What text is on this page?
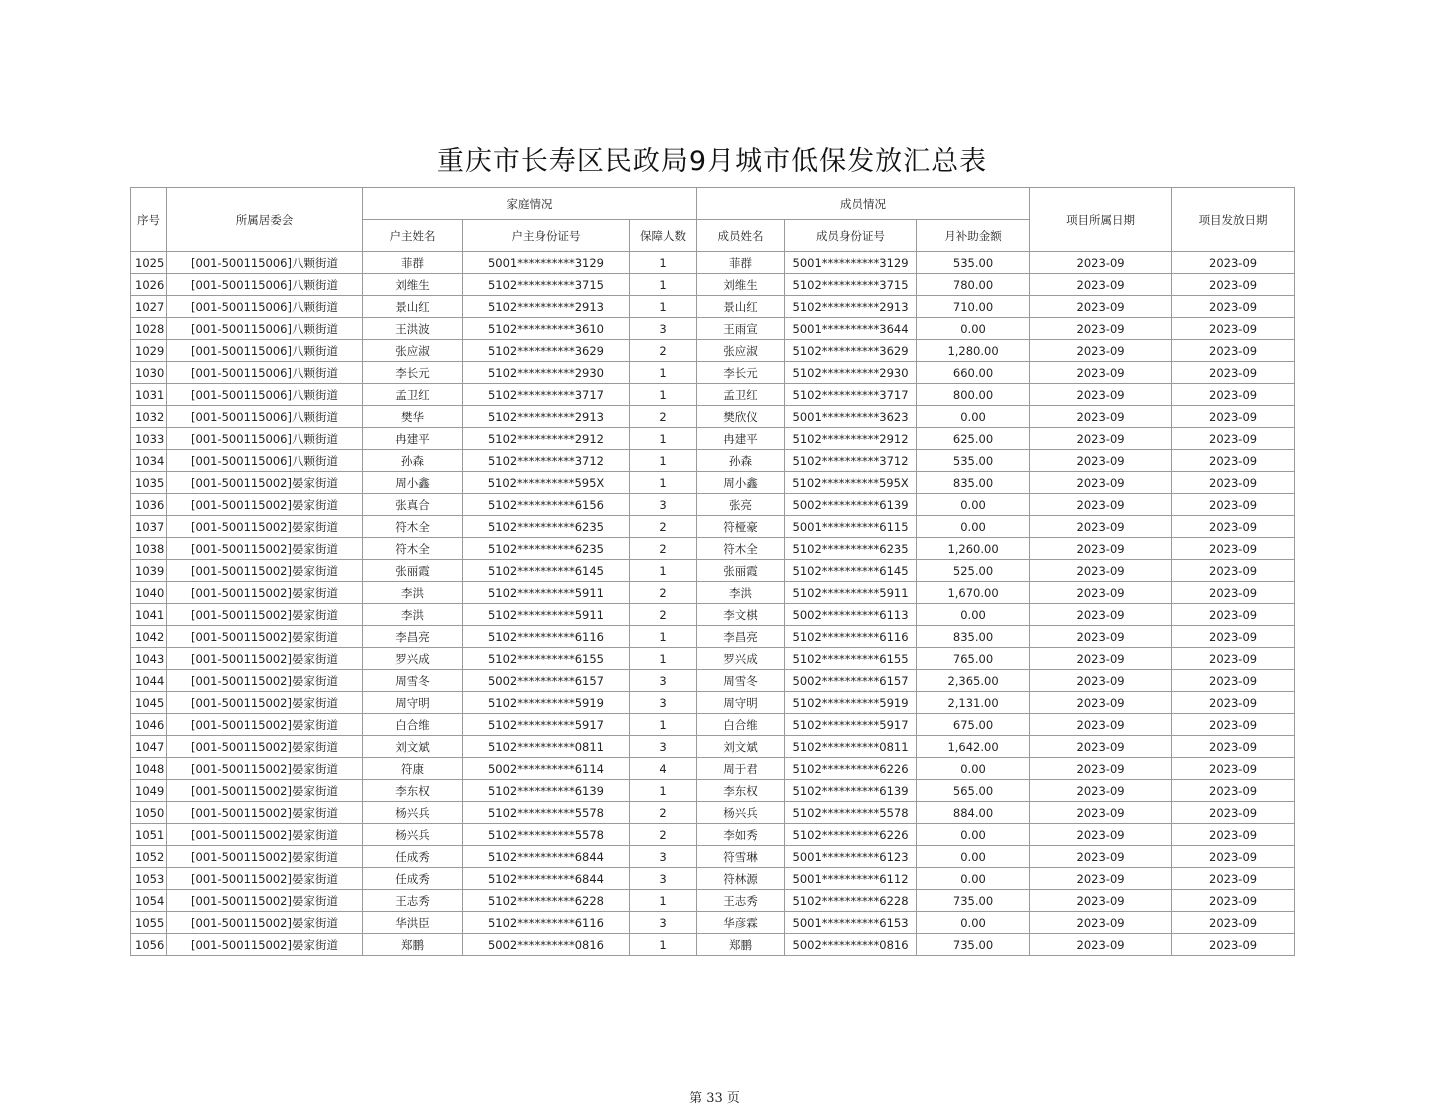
重庆市长寿区民政局9月城市低保发放汇总表
序号	所属居委会	家庭情况			成员情况			项目所属日期	项目发放日期
		户主姓名	户主身份证号	保障人数	成员姓名	成员身份证号	月补助金额		
1025	[001-500115006]八颗街道	菲群	5001**********3129	1	菲群	5001**********3129	535.00	2023-09	2023-09
1026	[001-500115006]八颗街道	刘维生	5102**********3715	1	刘维生	5102**********3715	780.00	2023-09	2023-09
1027	[001-500115006]八颗街道	景山红	5102**********2913	1	景山红	5102**********2913	710.00	2023-09	2023-09
1028	[001-500115006]八颗街道	王洪波	5102**********3610	3	王雨宣	5001**********3644	0.00	2023-09	2023-09
1029	[001-500115006]八颗街道	张应淑	5102**********3629	2	张应淑	5102**********3629	1,280.00	2023-09	2023-09
1030	[001-500115006]八颗街道	李长元	5102**********2930	1	李长元	5102**********2930	660.00	2023-09	2023-09
1031	[001-500115006]八颗街道	孟卫红	5102**********3717	1	孟卫红	5102**********3717	800.00	2023-09	2023-09
1032	[001-500115006]八颗街道	樊华	5102**********2913	2	樊欣仪	5001**********3623	0.00	2023-09	2023-09
1033	[001-500115006]八颗街道	冉建平	5102**********2912	1	冉建平	5102**********2912	625.00	2023-09	2023-09
1034	[001-500115006]八颗街道	孙森	5102**********3712	1	孙森	5102**********3712	535.00	2023-09	2023-09
1035	[001-500115002]晏家街道	周小鑫	5102**********595X	1	周小鑫	5102**********595X	835.00	2023-09	2023-09
1036	[001-500115002]晏家街道	张真合	5102**********6156	3	张亮	5002**********6139	0.00	2023-09	2023-09
1037	[001-500115002]晏家街道	符木全	5102**********6235	2	符桠豪	5001**********6115	0.00	2023-09	2023-09
1038	[001-500115002]晏家街道	符木全	5102**********6235	2	符木全	5102**********6235	1,260.00	2023-09	2023-09
1039	[001-500115002]晏家街道	张丽霞	5102**********6145	1	张丽霞	5102**********6145	525.00	2023-09	2023-09
1040	[001-500115002]晏家街道	李洪	5102**********5911	2	李洪	5102**********5911	1,670.00	2023-09	2023-09
1041	[001-500115002]晏家街道	李洪	5102**********5911	2	李文棋	5002**********6113	0.00	2023-09	2023-09
1042	[001-500115002]晏家街道	李昌亮	5102**********6116	1	李昌亮	5102**********6116	835.00	2023-09	2023-09
1043	[001-500115002]晏家街道	罗兴成	5102**********6155	1	罗兴成	5102**********6155	765.00	2023-09	2023-09
1044	[001-500115002]晏家街道	周雪冬	5002**********6157	3	周雪冬	5002**********6157	2,365.00	2023-09	2023-09
1045	[001-500115002]晏家街道	周守明	5102**********5919	3	周守明	5102**********5919	2,131.00	2023-09	2023-09
1046	[001-500115002]晏家街道	白合维	5102**********5917	1	白合维	5102**********5917	675.00	2023-09	2023-09
1047	[001-500115002]晏家街道	刘文斌	5102**********0811	3	刘文斌	5102**********0811	1,642.00	2023-09	2023-09
1048	[001-500115002]晏家街道	符康	5002**********6114	4	周于君	5102**********6226	0.00	2023-09	2023-09
1049	[001-500115002]晏家街道	李东权	5102**********6139	1	李东权	5102**********6139	565.00	2023-09	2023-09
1050	[001-500115002]晏家街道	杨兴兵	5102**********5578	2	杨兴兵	5102**********5578	884.00	2023-09	2023-09
1051	[001-500115002]晏家街道	杨兴兵	5102**********5578	2	李如秀	5102**********6226	0.00	2023-09	2023-09
1052	[001-500115002]晏家街道	任成秀	5102**********6844	3	符雪琳	5001**********6123	0.00	2023-09	2023-09
1053	[001-500115002]晏家街道	任成秀	5102**********6844	3	符林源	5001**********6112	0.00	2023-09	2023-09
1054	[001-500115002]晏家街道	王志秀	5102**********6228	1	王志秀	5102**********6228	735.00	2023-09	2023-09
1055	[001-500115002]晏家街道	华洪臣	5102**********6116	3	华彦霖	5001**********6153	0.00	2023-09	2023-09
1056	[001-500115002]晏家街道	郑鹏	5002**********0816	1	郑鹏	5002**********0816	735.00	2023-09	2023-09
第 33 页
